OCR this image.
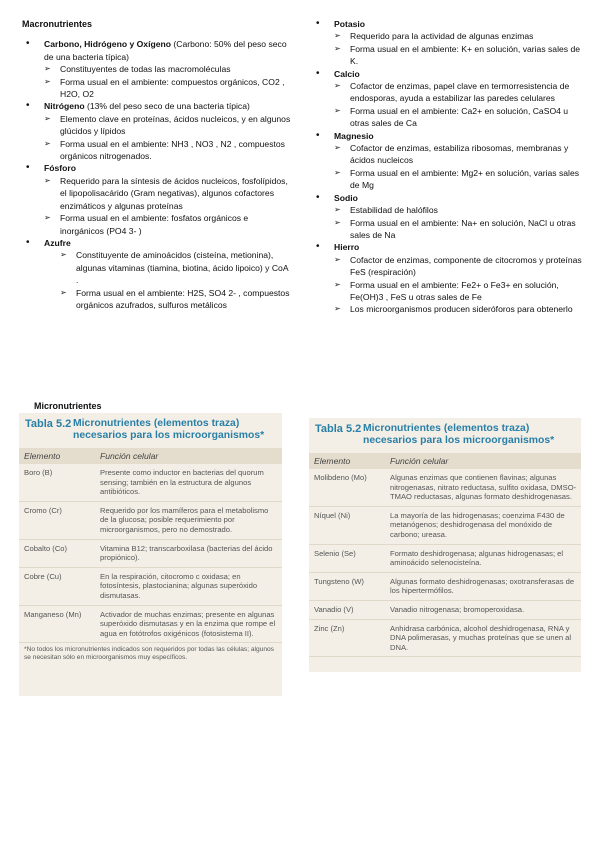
Macronutrientes
• Carbono, Hidrógeno y Oxígeno (Carbono: 50% del peso seco de una bacteria típica)
➢ Constituyentes de todas las macromoléculas
➢ Forma usual en el ambiente: compuestos orgánicos, CO2 , H2O, O2
• Nitrógeno (13% del peso seco de una bacteria típica)
➢ Elemento clave en proteínas, ácidos nucleicos, y en algunos glúcidos y lípidos
➢ Forma usual en el ambiente: NH3 , NO3 , N2 , compuestos orgánicos nitrogenados.
• Fósforo
➢ Requerido para la síntesis de ácidos nucleicos, fosfolípidos, el lipopolisacárido (Gram negativas), algunos cofactores enzimáticos y algunas proteínas
➢ Forma usual en el ambiente: fosfatos orgánicos e inorgánicos (PO4 3- )
• Azufre
➢ Constituyente de aminoácidos (cisteína, metionina), algunas vitaminas (tiamina, biotina, ácido lipoico) y CoA .
➢ Forma usual en el ambiente: H2S, SO4 2- , compuestos orgánicos azufrados, sulfuros metálicos
• Potasio
➢ Requerido para la actividad de algunas enzimas
➢ Forma usual en el ambiente: K+ en solución, varias sales de K.
• Calcio
➢ Cofactor de enzimas, papel clave en termorresistencia de endosporas, ayuda a estabilizar las paredes celulares
➢ Forma usual en el ambiente: Ca2+ en solución, CaSO4 u otras sales de Ca
• Magnesio
➢ Cofactor de enzimas, estabiliza ribosomas, membranas y ácidos nucleicos
➢ Forma usual en el ambiente: Mg2+ en solución, varias sales de Mg
• Sodio
➢ Estabilidad de halófilos
➢ Forma usual en el ambiente: Na+ en solución, NaCl u otras sales de Na
• Hierro
➢ Cofactor de enzimas, componente de citocromos y proteínas FeS (respiración)
➢ Forma usual en el ambiente: Fe2+ o Fe3+ en solución, Fe(OH)3 , FeS u otras sales de Fe
➢ Los microorganismos producen sideróforos para obtenerlo
Micronutrientes
Tabla 5.2 Micronutrientes (elementos traza) necesarios para los microorganismos*
Elemento	Función celular
Boro (B)	Presente como inductor en bacterias del quorum sensing; también en la estructura de algunos antibióticos.
Cromo (Cr)	Requerido por los mamíferos para el metabolismo de la glucosa; posible requerimiento por microorganismos, pero no demostrado.
Cobalto (Co)	Vitamina B12; transcarboxilasa (bacterias del ácido propiónico).
Cobre (Cu)	En la respiración, citocromo c oxidasa; en fotosíntesis, plastocianina; algunas superóxido dismutasas.
Manganeso (Mn)	Activador de muchas enzimas; presente en algunas superóxido dismutasas y en la enzima que rompe el agua en fotótrofos oxigénicos (fotosistema II).
*No todos los micronutrientes indicados son requeridos por todas las células; algunos se necesitan sólo en microorganismos muy específicos.
Tabla 5.2 Micronutrientes (elementos traza) necesarios para los microorganismos*
Elemento	Función celular
Molibdeno (Mo)	Algunas enzimas que contienen flavinas; algunas nitrogenasas, nitrato reductasa, sulfito oxidasa, DMSO-TMAO reductasas, algunas formato deshidrogenasas.
Níquel (Ni)	La mayoría de las hidrogenasas; coenzima F430 de metanógenos; deshidrogenasa del monóxido de carbono; ureasa.
Selenio (Se)	Formato deshidrogenasa; algunas hidrogenasas; el aminoácido selenocisteína.
Tungsteno (W)	Algunas formato deshidrogenasas; oxotransferasas de los hipertermófilos.
Vanadio (V)	Vanadio nitrogenasa; bromoperoxidasa.
Zinc (Zn)	Anhidrasa carbónica, alcohol deshidrogenasa, RNA y DNA polimerasas, y muchas proteínas que se unen al DNA.
